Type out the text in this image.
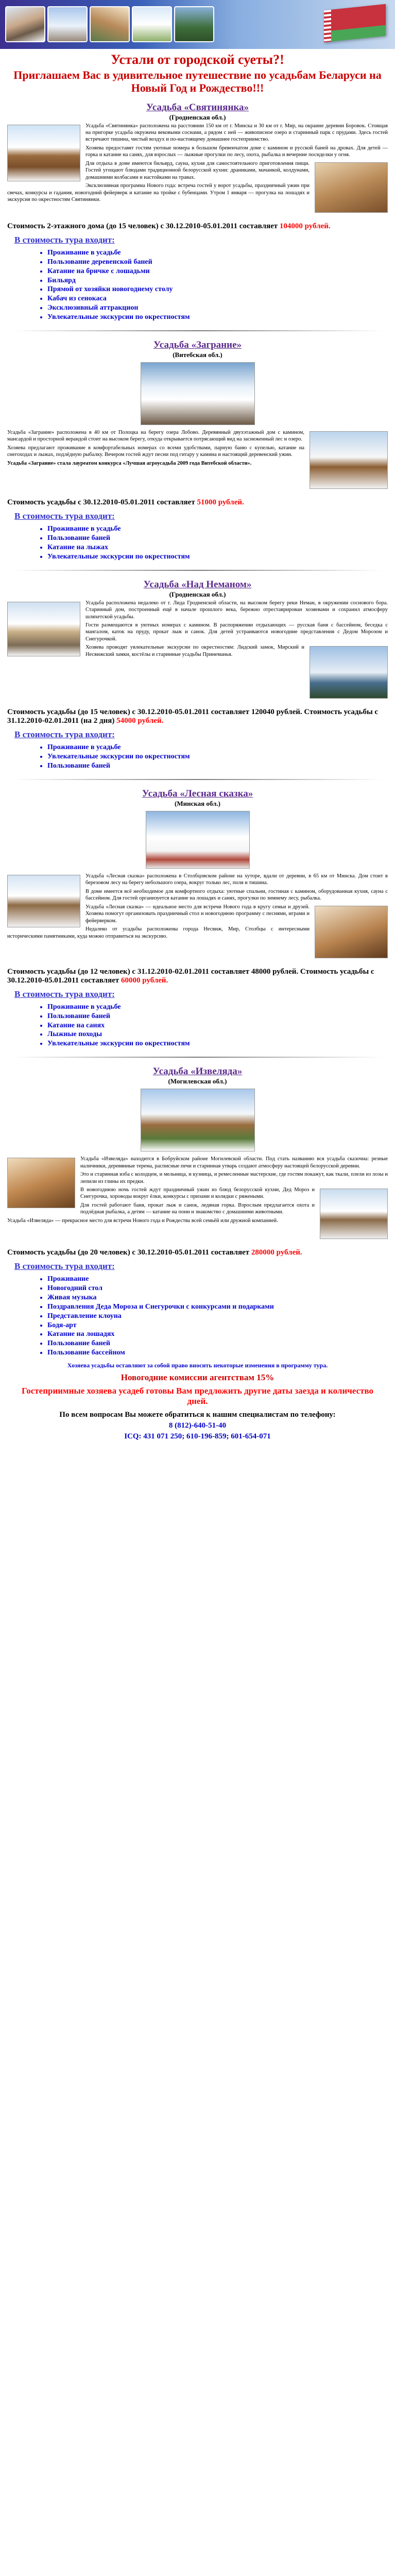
Устали от городской суеты?!
Приглашаем Вас в удивительное путешествие по усадьбам Беларуси на Новый Год и Рождество!!!
Усадьба «Святинянка»
(Гродненская обл.)

Усадьба «Святинянка» расположена на расстоянии 150 км от г. Минска и 30 км от г. Мир, на окраине деревни Боровок. Стоящая на пригорке усадьба окружена вековыми соснами, а рядом с ней — живописное озеро и старинный парк с прудами. Здесь гостей встречают тишина, чистый воздух и по-настоящему домашнее гостеприимство.

Хозяева предоставят гостям уютные номера в большом бревенчатом доме с камином и русской баней на дровах. Для детей — горка и катание на санях, для взрослых — лыжные прогулки по лесу, охота, рыбалка и вечерние посиделки у огня.

Для отдыха в доме имеются бильярд, сауна, кухня для самостоятельного приготовления пищи. Гостей угощают блюдами традиционной белорусской кухни: драниками, мачанкой, колдунами, домашними колбасами и настойками на травах.

Эксклюзивная программа Нового года: встреча гостей у ворот усадьбы, праздничный ужин при свечах, конкурсы и гадания, новогодний фейерверк и катание на тройке с бубенцами. Утром 1 января — прогулка на лошадях и экскурсия по окрестностям Святинянки.

Стоимость 2-этажного дома (до 15 человек) с 30.12.2010-05.01.2011 составляет 104000 рублей.
В стоимость тура входит:
• Проживание в усадьбе
• Пользование деревенской баней
• Катание на бричке с лошадьми
• Бильярд
• Прямой от хозяйки новогоднему столу
• Кабач из сенокаса
• Эксклюзивный аттракцион
• Увлекательные экскурсии по окрестностям
Усадьба «Заграние»
(Витебская обл.)

Усадьба «Заграние» расположена в 40 км от Полоцка на берегу озера Лобово. Деревянный двухэтажный дом с камином, мансардой и просторной верандой стоит на высоком берегу, откуда открывается потрясающий вид на заснеженный лес и озеро.

Хозяева предлагают проживание в комфортабельных номерах со всеми удобствами, парную баню с купелью, катание на снегоходах и лыжах, подлёдную рыбалку. Вечером гостей ждут песни под гитару у камина и настоящий деревенский ужин.

Усадьба «Заграние» стала лауреатом конкурса «Лучшая агроусадьба 2009 года Витебской области».

Стоимость усадьбы с 30.12.2010-05.01.2011 составляет 51000 рублей.
В стоимость тура входит:
• Проживание в усадьбе
• Пользование баней
• Катание на лыжах
• Увлекательные экскурсии по окрестностям
Усадьба «Над Неманом»
(Гродненская обл.)

Усадьба расположена недалеко от г. Лида Гродненской области, на высоком берегу реки Неман, в окружении соснового бора. Старинный дом, построенный ещё в начале прошлого века, бережно отреставрирован хозяевами и сохранил атмосферу шляхетской усадьбы.

Гости размещаются в уютных номерах с камином. В распоряжении отдыхающих — русская баня с бассейном, беседка с мангалом, каток на пруду, прокат лыж и санок. Для детей устраиваются новогодние представления с Дедом Морозом и Снегурочкой.

Хозяева проводят увлекательные экскурсии по окрестностям: Лидский замок, Мирский и Несвижский замки, костёлы и старинные усадьбы Принеманья.

Стоимость усадьбы (до 15 человек) с 30.12.2010-05.01.2011 составляет 120040 рублей. Стоимость усадьбы с 31.12.2010-02.01.2011 (на 2 дня) 54000 рублей.
В стоимость тура входит:
• Проживание в усадьбе
• Увлекательные экскурсии по окрестностям
• Пользование баней
Усадьба «Лесная сказка»
(Минская обл.)

Усадьба «Лесная сказка» расположена в Столбцовском районе на хуторе, вдали от деревни, в 65 км от Минска. Дом стоит в березовом лесу на берегу небольшого озера, вокруг только лес, поля и тишина.

В доме имеется всё необходимое для комфортного отдыха: уютные спальни, гостиная с камином, оборудованная кухня, сауна с бассейном. Для гостей организуется катание на лошадях и санях, прогулки по зимнему лесу, рыбалка.

Усадьба «Лесная сказка» — идеальное место для встречи Нового года в кругу семьи и друзей. Хозяева помогут организовать праздничный стол и новогоднюю программу с песнями, играми и фейерверком.

Недалеко от усадьбы расположены города Несвиж, Мир, Столбцы с интересными историческими памятниками, куда можно отправиться на экскурсию.

Стоимость усадьбы (до 12 человек) с 31.12.2010-02.01.2011 составляет 48000 рублей. Стоимость усадьбы с 30.12.2010-05.01.2011 составляет 60000 рублей.
В стоимость тура входит:
• Проживание в усадьбе
• Пользование баней
• Катание на санях
• Лыжные походы
• Увлекательные экскурсии по окрестностям
Усадьба «Извеляда»
(Могилевская обл.)

Усадьба «Извеляда» находится в Бобруйском районе Могилевской области. Под стать названию вся усадьба сказочна: резные наличники, деревянные терема, расписные печи и старинная утварь создают атмосферу настоящей белорусской деревни.

Это и старинная изба с колодцем, и мельница, и кузница, и ремесленные мастерские, где гостям покажут, как ткали, плели из лозы и лепили из глины их предки.

В новогоднюю ночь гостей ждут праздничный ужин из блюд белорусской кухни, Дед Мороз и Снегурочка, хороводы вокруг ёлки, конкурсы с призами и колядки с ряжеными.

Для гостей работают баня, прокат лыж и санок, ледяная горка. Взрослым предлагается охота и подлёдная рыбалка, а детям — катание на пони и знакомство с домашними животными.

Усадьба «Извеляда» — прекрасное место для встречи Нового года и Рождества всей семьёй или дружной компанией.

Стоимость усадьбы (до 20 человек) с 30.12.2010-05.01.2011 составляет 280000 рублей.
В стоимость тура входит:
• Проживание
• Новогодний стол
• Живая музыка
• Поздравления Деда Мороза и Снегурочки с конкурсами и подарками
• Представление клоуна
• Бодя-арт
• Катание на лошадях
• Пользование баней
• Пользование бассейном
Хозяева усадьбы оставляют за собой право вносить некоторые изменения в программу тура.
Новогодние комиссии агентствам 15%
Гостеприимные хозяева усадеб готовы Вам предложить другие даты заезда и количество дней.
По всем вопросам Вы можете обратиться к нашим специалистам по телефону:
8 (812)-640-51-40
ICQ: 431 071 250; 610-196-859; 601-654-071
